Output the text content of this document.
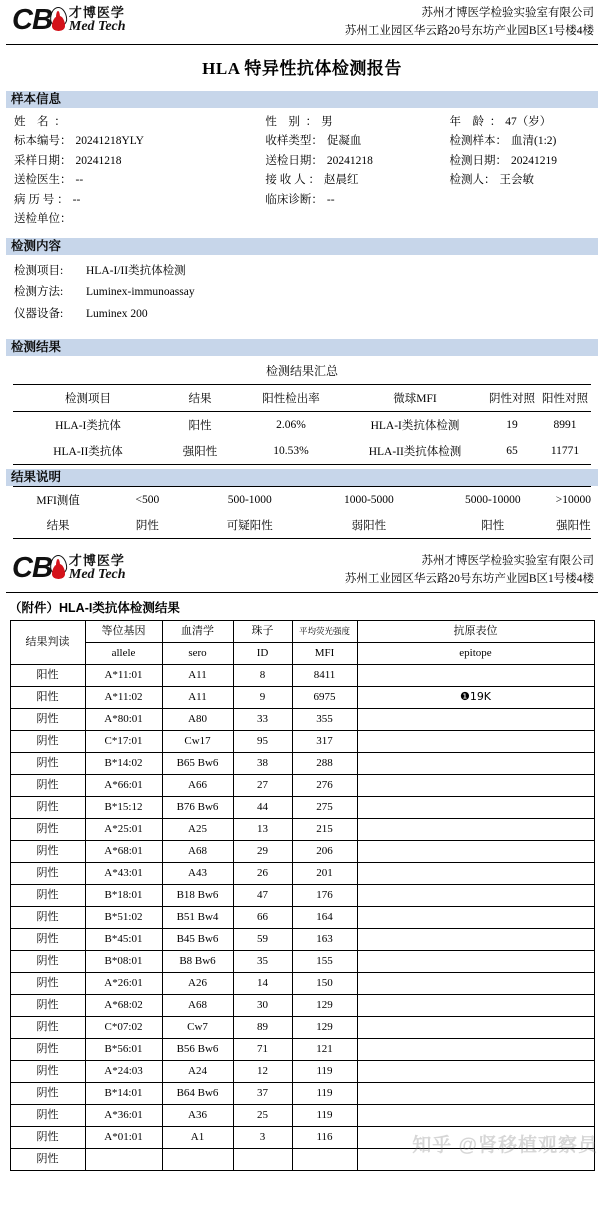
CB 才博医学
Med Tech
苏州才博医学检验实验室有限公司
苏州工业园区华云路20号东坊产业园B区1号楼4楼
HLA 特异性抗体检测报告
样本信息
姓    名  ：	性    别  ： 男	年    龄  ： 47（岁）
标本编号： 20241218YLY	收样类型： 促凝血	检测样本： 血清(1:2)
采样日期： 20241218	送检日期： 20241218	检测日期： 20241219
送检医生： --	接 收 人 ： 赵晨红	检测人： 王会敏
病 历 号 ： --	临床诊断： --
送检单位：
检测内容
检测项目:	HLA-I/II类抗体检测
检测方法:	Luminex-immunoassay
仪器设备:	Luminex 200
检测结果
检测结果汇总
检测项目	结果	阳性检出率	微球MFI	阴性对照	阳性对照
HLA-I类抗体	阳性	2.06%	HLA-I类抗体检测	19	8991
HLA-II类抗体	强阳性	10.53%	HLA-II类抗体检测	65	11771
结果说明
MFI测值	<500	500-1000	1000-5000	5000-10000	>10000
结果	阴性	可疑阳性	弱阳性	阳性	强阳性
CB 才博医学
Med Tech
苏州才博医学检验实验室有限公司
苏州工业园区华云路20号东坊产业园B区1号楼4楼
（附件）HLA-I类抗体检测结果
结果判读	等位基因	血清学	珠子	平均荧光强度	抗原表位
	allele	sero	ID	MFI	epitope
阳性	A*11:01	A11	8	8411	
阳性	A*11:02	A11	9	6975	❶19K
阴性	A*80:01	A80	33	355	
阴性	C*17:01	Cw17	95	317	
阴性	B*14:02	B65 Bw6	38	288	
阴性	A*66:01	A66	27	276	
阴性	B*15:12	B76 Bw6	44	275	
阴性	A*25:01	A25	13	215	
阴性	A*68:01	A68	29	206	
阴性	A*43:01	A43	26	201	
阴性	B*18:01	B18 Bw6	47	176	
阴性	B*51:02	B51 Bw4	66	164	
阴性	B*45:01	B45 Bw6	59	163	
阴性	B*08:01	B8 Bw6	35	155	
阴性	A*26:01	A26	14	150	
阴性	A*68:02	A68	30	129	
阴性	C*07:02	Cw7	89	129	
阴性	B*56:01	B56 Bw6	71	121	
阴性	A*24:03	A24	12	119	
阴性	B*14:01	B64 Bw6	37	119	
阴性	A*36:01	A36	25	119	
阴性	A*01:01	A1	3	116	
阴性					
知乎 @肾移植观察员
